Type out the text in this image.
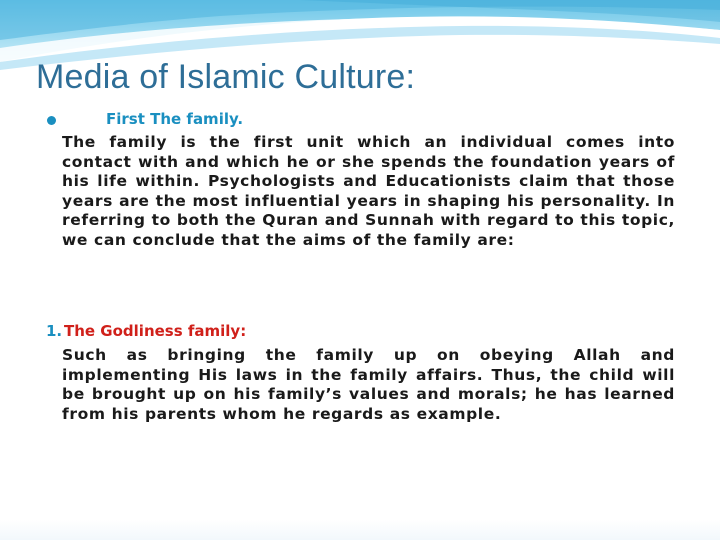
Media of Islamic Culture:
First The family.

The family is the first unit which an individual comes into contact with and which he or she spends the foundation years of his life within. Psychologists and Educationists claim that those years are the most influential years in shaping his personality. In referring to both the Quran and Sunnah with regard to this topic, we can conclude that the aims of the family are:

1. The Godliness family:

Such as bringing the family up on obeying Allah and implementing His laws in the family affairs. Thus, the child will be brought up on his family’s values and morals; he has learned from his parents whom he regards as example.
